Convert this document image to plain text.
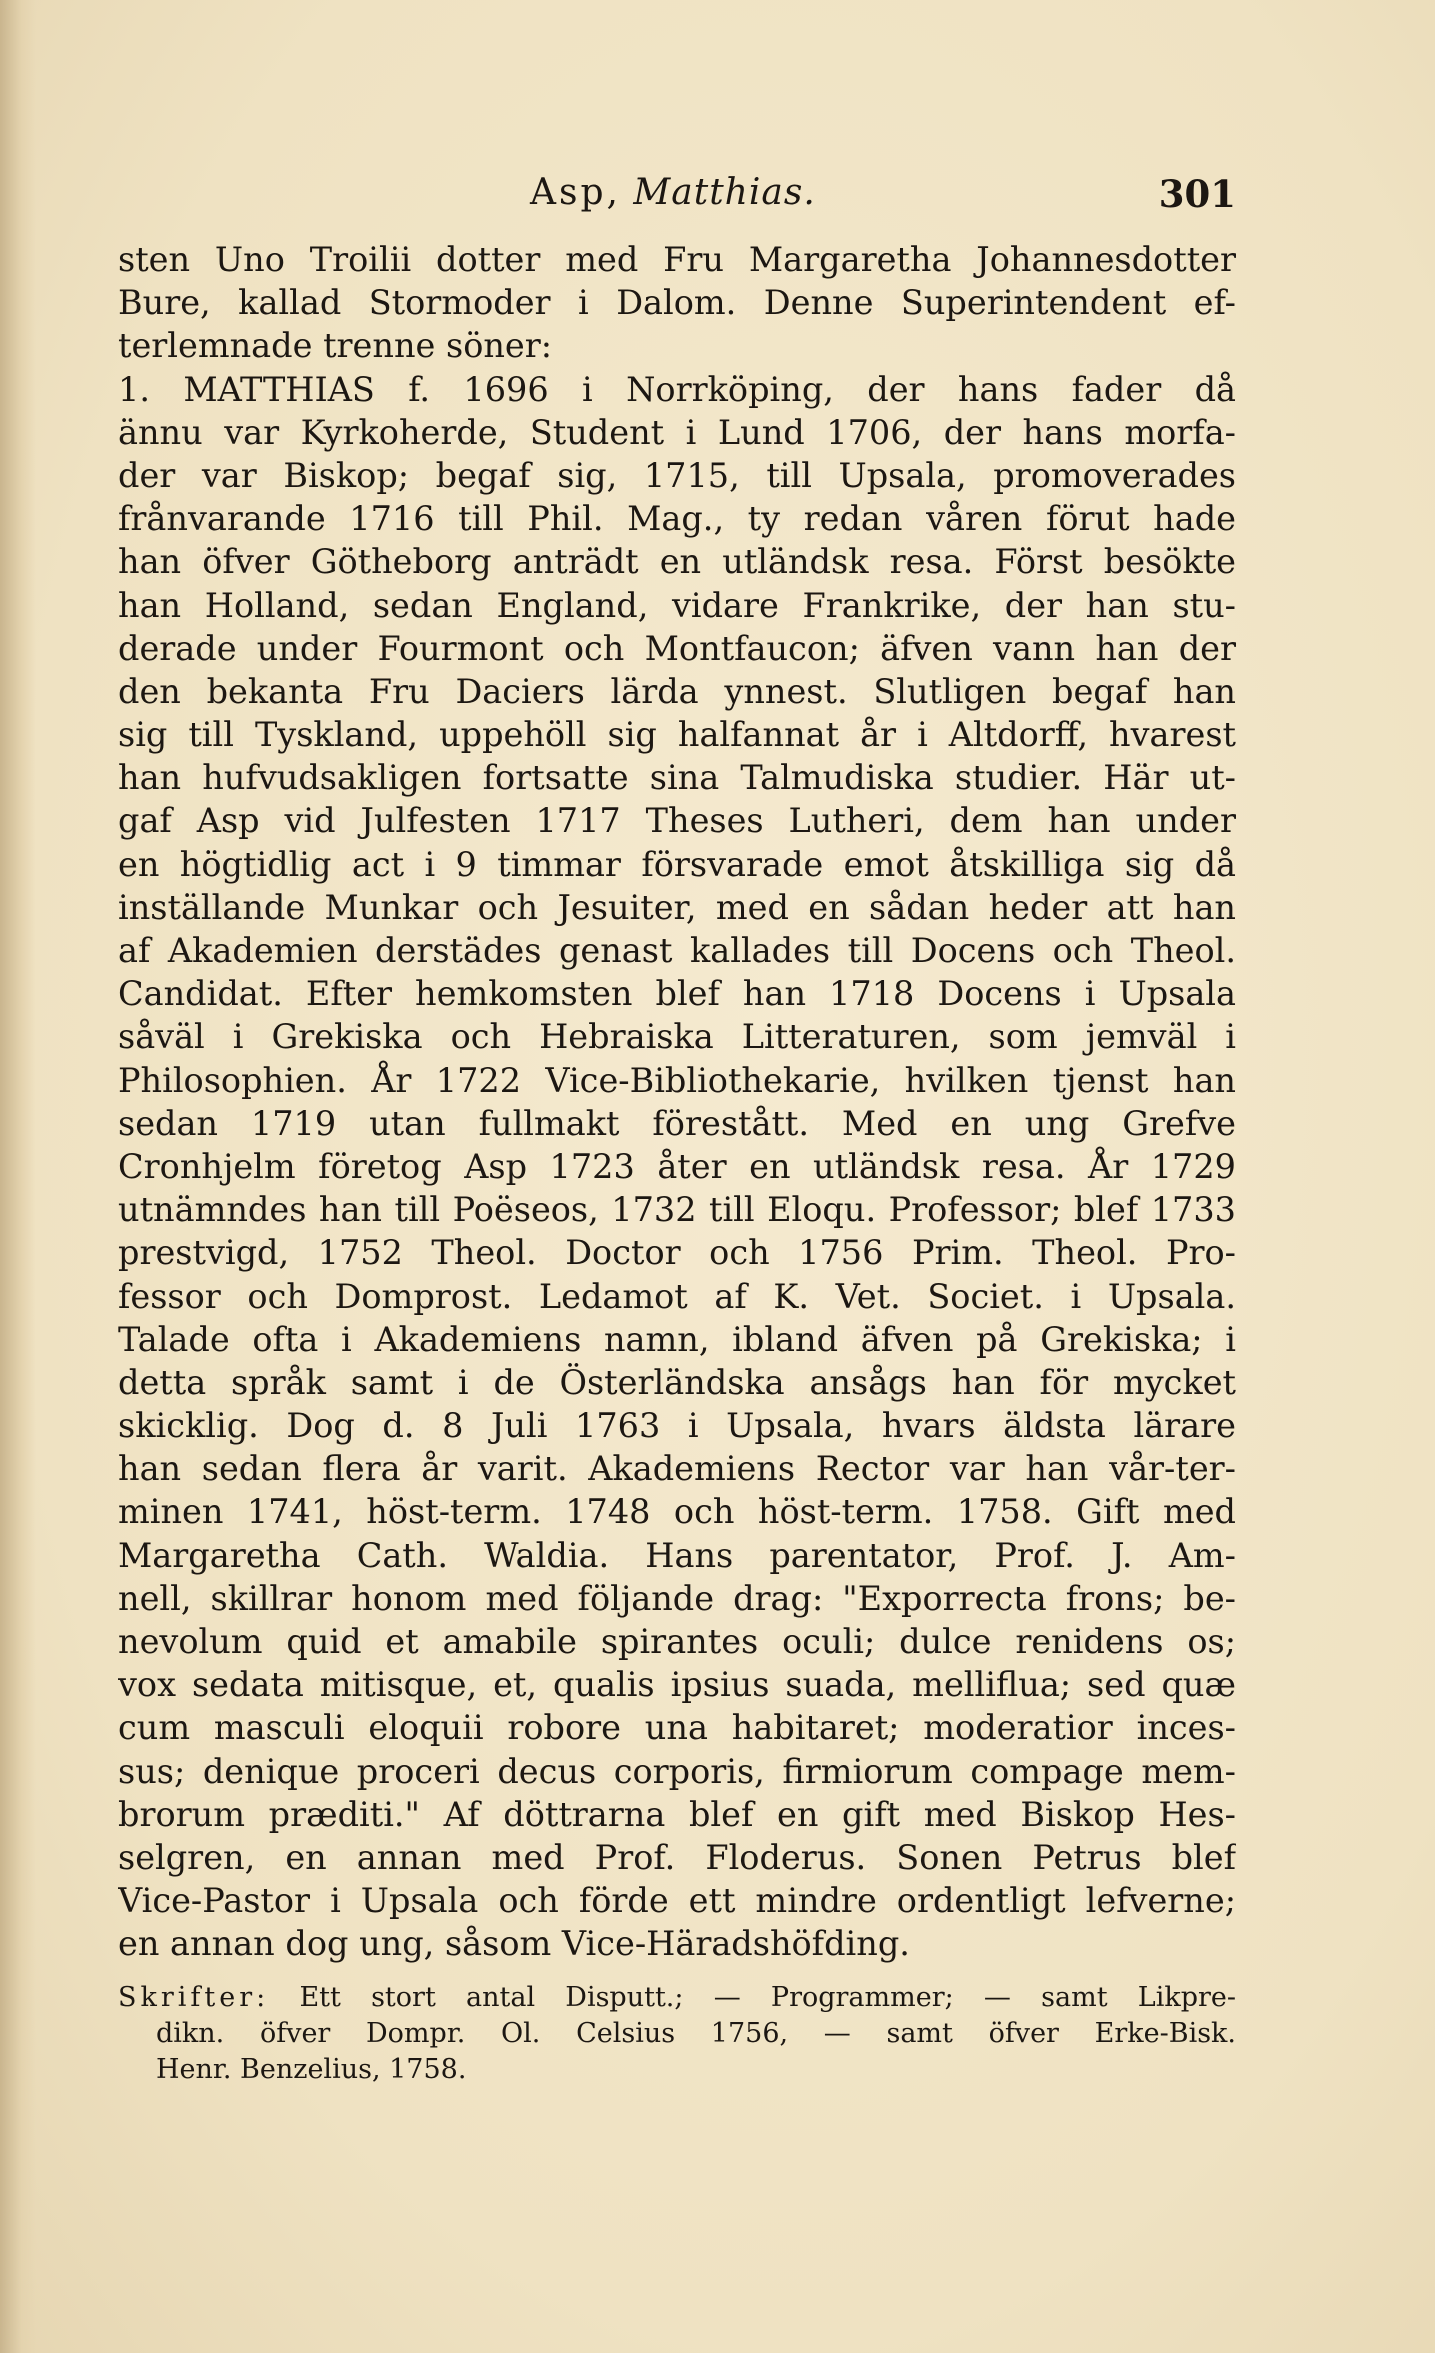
Asp, Matthias.	301
sten Uno Troilii dotter med Fru Margaretha Johannesdotter
Bure, kallad Stormoder i Dalom. Denne Superintendent ef-
terlemnade trenne söner:
1. MATTHIAS f. 1696 i Norrköping, der hans fader då
ännu var Kyrkoherde, Student i Lund 1706, der hans morfa-
der var Biskop; begaf sig, 1715, till Upsala, promoverades
frånvarande 1716 till Phil. Mag., ty redan våren förut hade
han öfver Götheborg anträdt en utländsk resa. Först besökte
han Holland, sedan England, vidare Frankrike, der han stu-
derade under Fourmont och Montfaucon; äfven vann han der
den bekanta Fru Daciers lärda ynnest. Slutligen begaf han
sig till Tyskland, uppehöll sig halfannat år i Altdorff, hvarest
han hufvudsakligen fortsatte sina Talmudiska studier. Här ut-
gaf Asp vid Julfesten 1717 Theses Lutheri, dem han under
en högtidlig act i 9 timmar försvarade emot åtskilliga sig då
inställande Munkar och Jesuiter, med en sådan heder att han
af Akademien derstädes genast kallades till Docens och Theol.
Candidat. Efter hemkomsten blef han 1718 Docens i Upsala
såväl i Grekiska och Hebraiska Litteraturen, som jemväl i
Philosophien. År 1722 Vice-Bibliothekarie, hvilken tjenst han
sedan 1719 utan fullmakt förestått. Med en ung Grefve
Cronhjelm företog Asp 1723 åter en utländsk resa. År 1729
utnämndes han till Poëseos, 1732 till Eloqu. Professor; blef 1733
prestvigd, 1752 Theol. Doctor och 1756 Prim. Theol. Pro-
fessor och Domprost. Ledamot af K. Vet. Societ. i Upsala.
Talade ofta i Akademiens namn, ibland äfven på Grekiska; i
detta språk samt i de Österländska ansågs han för mycket
skicklig. Dog d. 8 Juli 1763 i Upsala, hvars äldsta lärare
han sedan flera år varit. Akademiens Rector var han vår-ter-
minen 1741, höst-term. 1748 och höst-term. 1758. Gift med
Margaretha Cath. Waldia. Hans parentator, Prof. J. Am-
nell, skillrar honom med följande drag: "Exporrecta frons; be-
nevolum quid et amabile spirantes oculi; dulce renidens os;
vox sedata mitisque, et, qualis ipsius suada, melliflua; sed quæ
cum masculi eloquii robore una habitaret; moderatior inces-
sus; denique proceri decus corporis, firmiorum compage mem-
brorum præditi." Af döttrarna blef en gift med Biskop Hes-
selgren, en annan med Prof. Floderus. Sonen Petrus blef
Vice-Pastor i Upsala och förde ett mindre ordentligt lefverne;
en annan dog ung, såsom Vice-Häradshöfding.
Skrifter: Ett stort antal Disputt.; — Programmer; — samt Likpre-
dikn. öfver Dompr. Ol. Celsius 1756, — samt öfver Erke-Bisk.
Henr. Benzelius, 1758.
